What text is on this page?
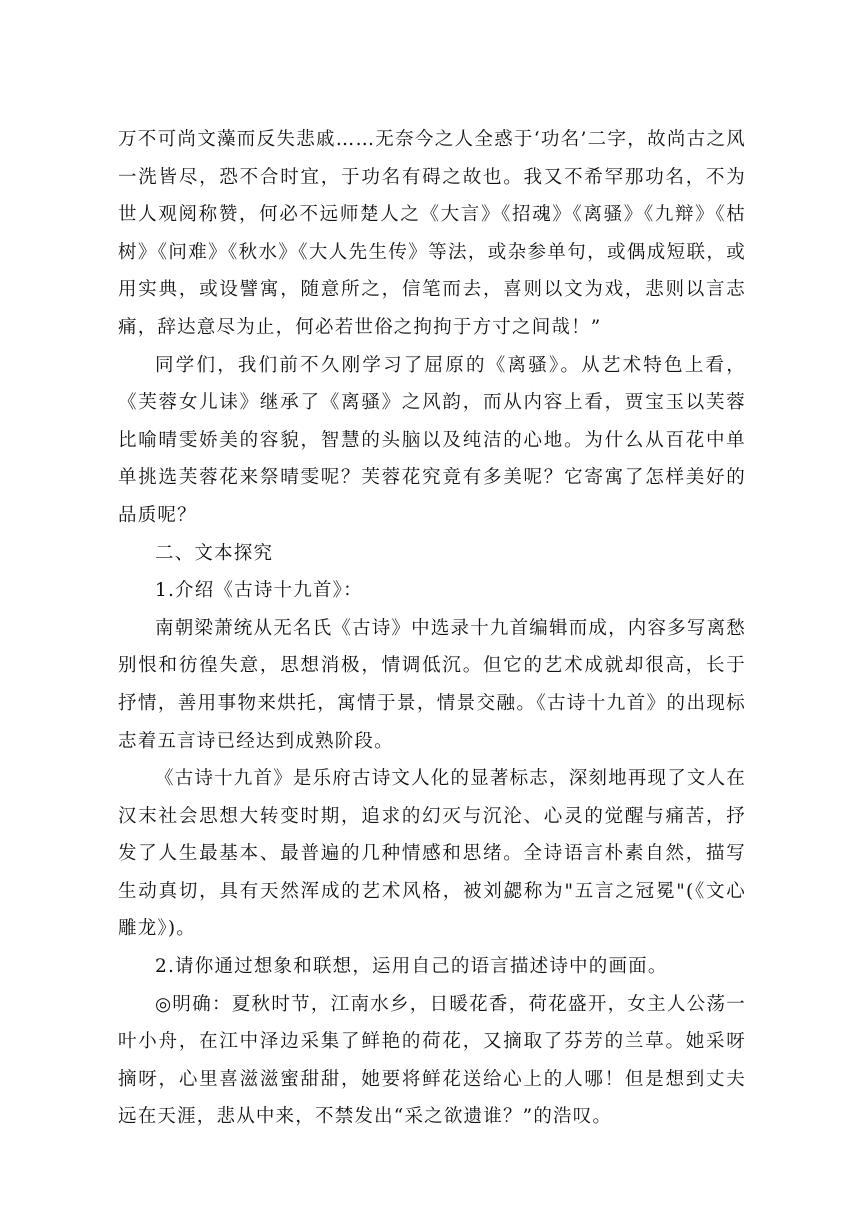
万不可尚文藻而反失悲戚……无奈今之人全惑于‘功名’二字，故尚古之风一洗皆尽，恐不合时宜，于功名有碍之故也。我又不希罕那功名，不为世人观阅称赞，何必不远师楚人之《大言》《招魂》《离骚》《九辩》《枯树》《问难》《秋水》《大人先生传》等法，或杂参单句，或偶成短联，或用实典，或设譬寓，随意所之，信笔而去，喜则以文为戏，悲则以言志痛，辞达意尽为止，何必若世俗之拘拘于方寸之间哉！”

同学们，我们前不久刚学习了屈原的《离骚》。从艺术特色上看，《芙蓉女儿诔》继承了《离骚》之风韵，而从内容上看，贾宝玉以芙蓉比喻晴雯娇美的容貌，智慧的头脑以及纯洁的心地。为什么从百花中单单挑选芙蓉花来祭晴雯呢？芙蓉花究竟有多美呢？它寄寓了怎样美好的品质呢？

二、文本探究

1.介绍《古诗十九首》：

南朝梁萧统从无名氏《古诗》中选录十九首编辑而成，内容多写离愁别恨和彷徨失意，思想消极，情调低沉。但它的艺术成就却很高，长于抒情，善用事物来烘托，寓情于景，情景交融。《古诗十九首》的出现标志着五言诗已经达到成熟阶段。

《古诗十九首》是乐府古诗文人化的显著标志，深刻地再现了文人在汉末社会思想大转变时期，追求的幻灭与沉沦、心灵的觉醒与痛苦，抒发了人生最基本、最普遍的几种情感和思绪。全诗语言朴素自然，描写生动真切，具有天然浑成的艺术风格，被刘勰称为"五言之冠冕"(《文心雕龙》)。

2.请你通过想象和联想，运用自己的语言描述诗中的画面。

◎明确：夏秋时节，江南水乡，日暖花香，荷花盛开，女主人公荡一叶小舟，在江中泽边采集了鲜艳的荷花，又摘取了芬芳的兰草。她采呀摘呀，心里喜滋滋蜜甜甜，她要将鲜花送给心上的人哪！但是想到丈夫远在天涯，悲从中来，不禁发出“采之欲遗谁？”的浩叹。
